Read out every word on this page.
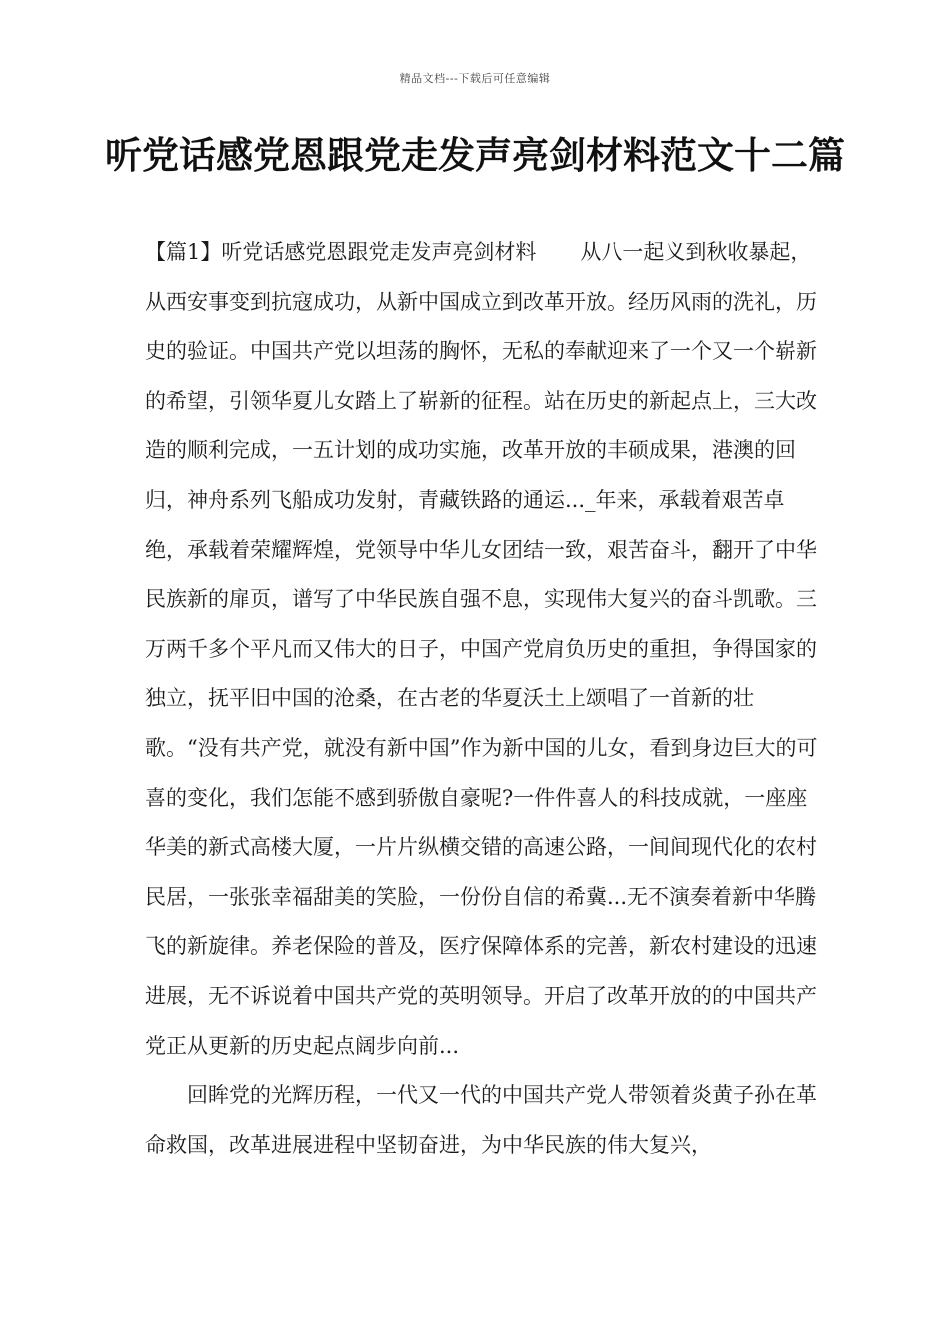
精品文档---下载后可任意编辑
听党话感党恩跟党走发声亮剑材料范文十二篇

【篇1】听党话感党恩跟党走发声亮剑材料 从八一起义到秋收暴起，从西安事变到抗寇成功，从新中国成立到改革开放。经历风雨的洗礼，历史的验证。中国共产党以坦荡的胸怀，无私的奉献迎来了一个又一个崭新的希望，引领华夏儿女踏上了崭新的征程。站在历史的新起点上，三大改造的顺利完成，一五计划的成功实施，改革开放的丰硕成果，港澳的回归，神舟系列飞船成功发射，青藏铁路的通运..._年来，承载着艰苦卓绝，承载着荣耀辉煌，党领导中华儿女团结一致，艰苦奋斗，翻开了中华民族新的扉页，谱写了中华民族自强不息，实现伟大复兴的奋斗凯歌。三万两千多个平凡而又伟大的日子，中国产党肩负历史的重担，争得国家的独立，抚平旧中国的沧桑，在古老的华夏沃土上颂唱了一首新的壮歌。“没有共产党，就没有新中国”作为新中国的儿女，看到身边巨大的可喜的变化，我们怎能不感到骄傲自豪呢?一件件喜人的科技成就，一座座华美的新式高楼大厦，一片片纵横交错的高速公路，一间间现代化的农村民居，一张张幸福甜美的笑脸，一份份自信的希冀...无不演奏着新中华腾飞的新旋律。养老保险的普及，医疗保障体系的完善，新农村建设的迅速进展，无不诉说着中国共产党的英明领导。开启了改革开放的的中国共产党正从更新的历史起点阔步向前...

回眸党的光辉历程，一代又一代的中国共产党人带领着炎黄子孙在革命救国，改革进展进程中坚韧奋进，为中华民族的伟大复兴，
